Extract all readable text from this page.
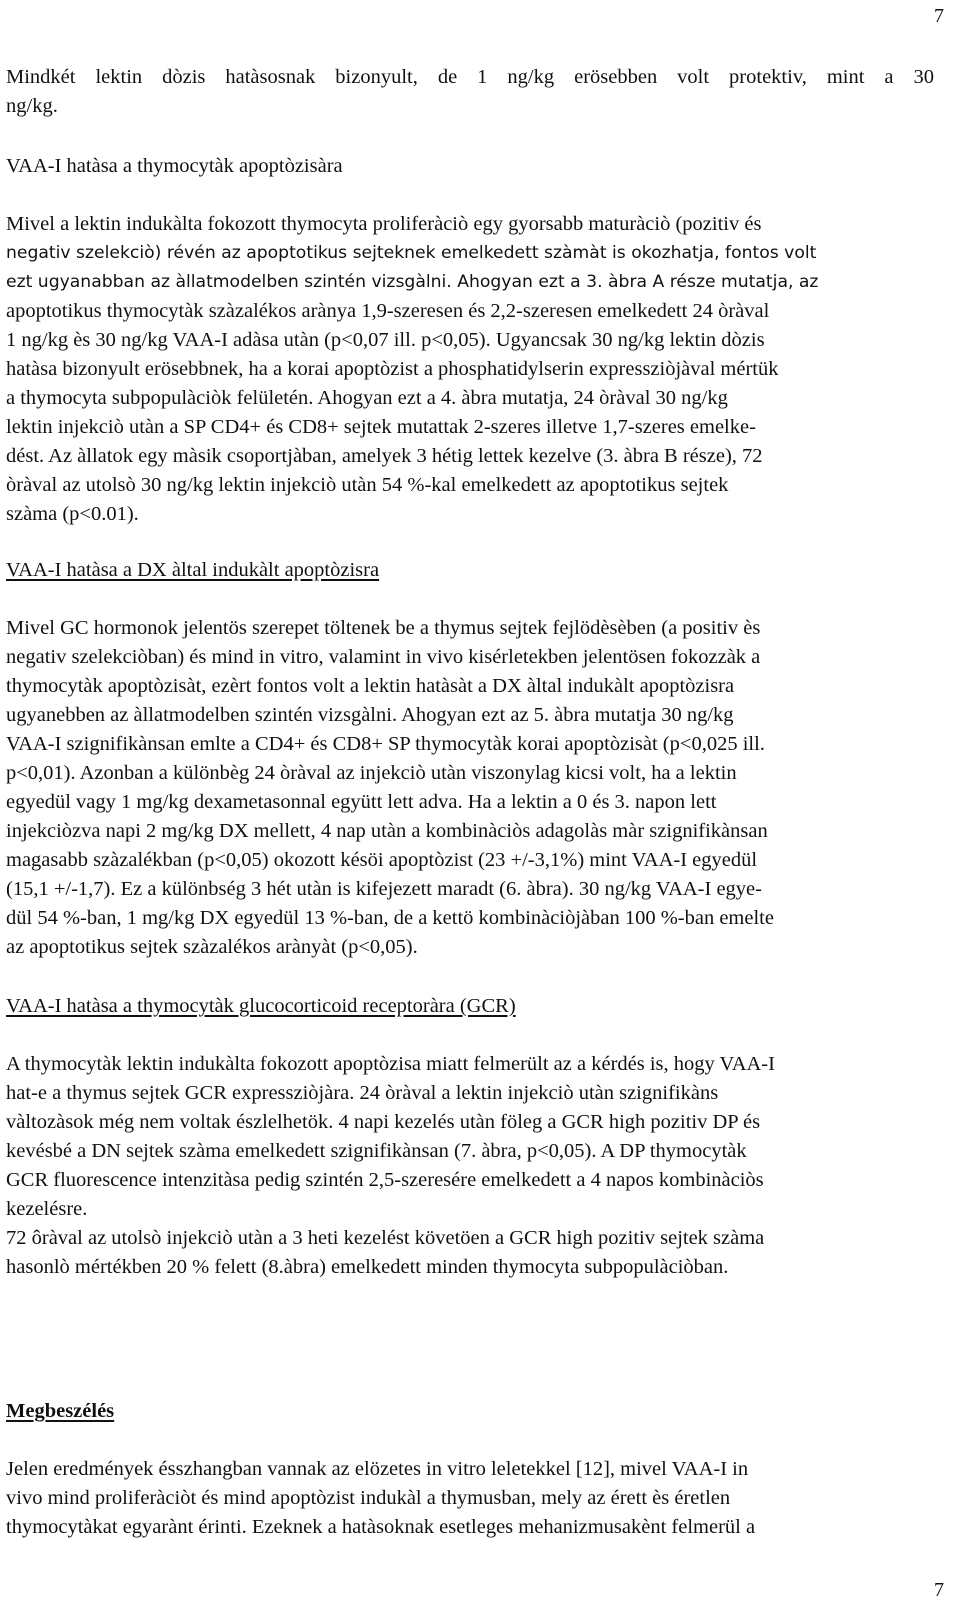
7
Mindkét lektin dòzis hatàsosnak bizonyult, de 1 ng/kg erösebben volt protektiv, mint a 30
ng/kg.
VAA-I hatàsa a thymocytàk apoptòzisàra
Mivel a lektin indukàlta fokozott thymocyta proliferàciò egy gyorsabb maturàciò (pozitiv és
negativ szelekciò) révén az apoptotikus sejteknek emelkedett szàmàt is okozhatja, fontos volt
ezt ugyanabban az àllatmodelben szintén vizsgàlni. Ahogyan ezt a 3. àbra A része mutatja, az
apoptotikus thymocytàk szàzalékos arànya 1,9-szeresen és 2,2-szeresen emelkedett 24 òràval
1 ng/kg ès 30 ng/kg VAA-I adàsa utàn (p<0,07 ill. p<0,05). Ugyancsak 30 ng/kg lektin dòzis
hatàsa bizonyult erösebbnek, ha a korai apoptòzist a phosphatidylserin expressziòjàval mértük
a thymocyta subpopulàciòk felületén. Ahogyan ezt a 4. àbra mutatja, 24 òràval 30 ng/kg
lektin injekciò utàn a SP CD4+ és CD8+ sejtek mutattak 2-szeres illetve 1,7-szeres emelke-
dést. Az àllatok egy màsik csoportjàban, amelyek 3 hétig lettek kezelve (3. àbra B része), 72
òràval az utolsò 30 ng/kg lektin injekciò utàn 54 %-kal emelkedett az apoptotikus sejtek
szàma (p<0.01).
VAA-I hatàsa a DX àltal indukàlt apoptòzisra
Mivel GC hormonok jelentös szerepet töltenek be a thymus sejtek fejlödèsèben (a positiv ès
negativ szelekciòban) és mind in vitro, valamint in vivo kisérletekben jelentösen fokozzàk a
thymocytàk apoptòzisàt, ezèrt fontos volt a lektin hatàsàt a DX àltal indukàlt apoptòzisra
ugyanebben az àllatmodelben szintén vizsgàlni. Ahogyan ezt az 5. àbra mutatja 30 ng/kg
VAA-I szignifikànsan emlte a CD4+ és CD8+ SP thymocytàk korai apoptòzisàt (p<0,025 ill.
p<0,01). Azonban a különbèg 24 òràval az injekciò utàn viszonylag kicsi volt, ha a lektin
egyedül vagy 1 mg/kg dexametasonnal együtt lett adva. Ha a lektin a 0 és 3. napon lett
injekciòzva napi 2 mg/kg DX mellett, 4 nap utàn a kombinàciòs adagolàs màr szignifikànsan
magasabb szàzalékban (p<0,05) okozott késöi apoptòzist (23 +/-3,1%) mint VAA-I egyedül
(15,1 +/-1,7). Ez a különbség 3 hét utàn is kifejezett maradt (6. àbra). 30 ng/kg VAA-I egye-
dül 54 %-ban, 1 mg/kg DX egyedül 13 %-ban, de a kettö kombinàciòjàban 100 %-ban emelte
az apoptotikus sejtek szàzalékos arànyàt (p<0,05).
VAA-I hatàsa a thymocytàk glucocorticoid receptoràra (GCR)
A thymocytàk lektin indukàlta fokozott apoptòzisa miatt felmerült az a kérdés is, hogy VAA-I
hat-e a thymus sejtek GCR expressziòjàra. 24 òràval a lektin injekciò utàn szignifikàns
vàltozàsok még nem voltak észlelhetök. 4 napi kezelés utàn föleg a GCR high pozitiv DP és
kevésbé a DN sejtek szàma emelkedett szignifikànsan (7. àbra, p<0,05). A DP thymocytàk
GCR fluorescence intenzitàsa pedig szintén 2,5-szeresére emelkedett a 4 napos kombinàciòs
kezelésre.
72 ôràval az utolsò injekciò utàn a 3 heti kezelést követöen a GCR high pozitiv sejtek szàma
hasonlò mértékben 20 % felett (8.àbra) emelkedett minden thymocyta subpopulàciòban.
Megbeszélés
Jelen eredmények ésszhangban vannak az elözetes in vitro leletekkel [12], mivel VAA-I in
vivo mind proliferàciòt és mind apoptòzist indukàl a thymusban, mely az érett ès éretlen
thymocytàkat egyarànt érinti. Ezeknek a hatàsoknak esetleges mehanizmusakènt felmerül a
7
